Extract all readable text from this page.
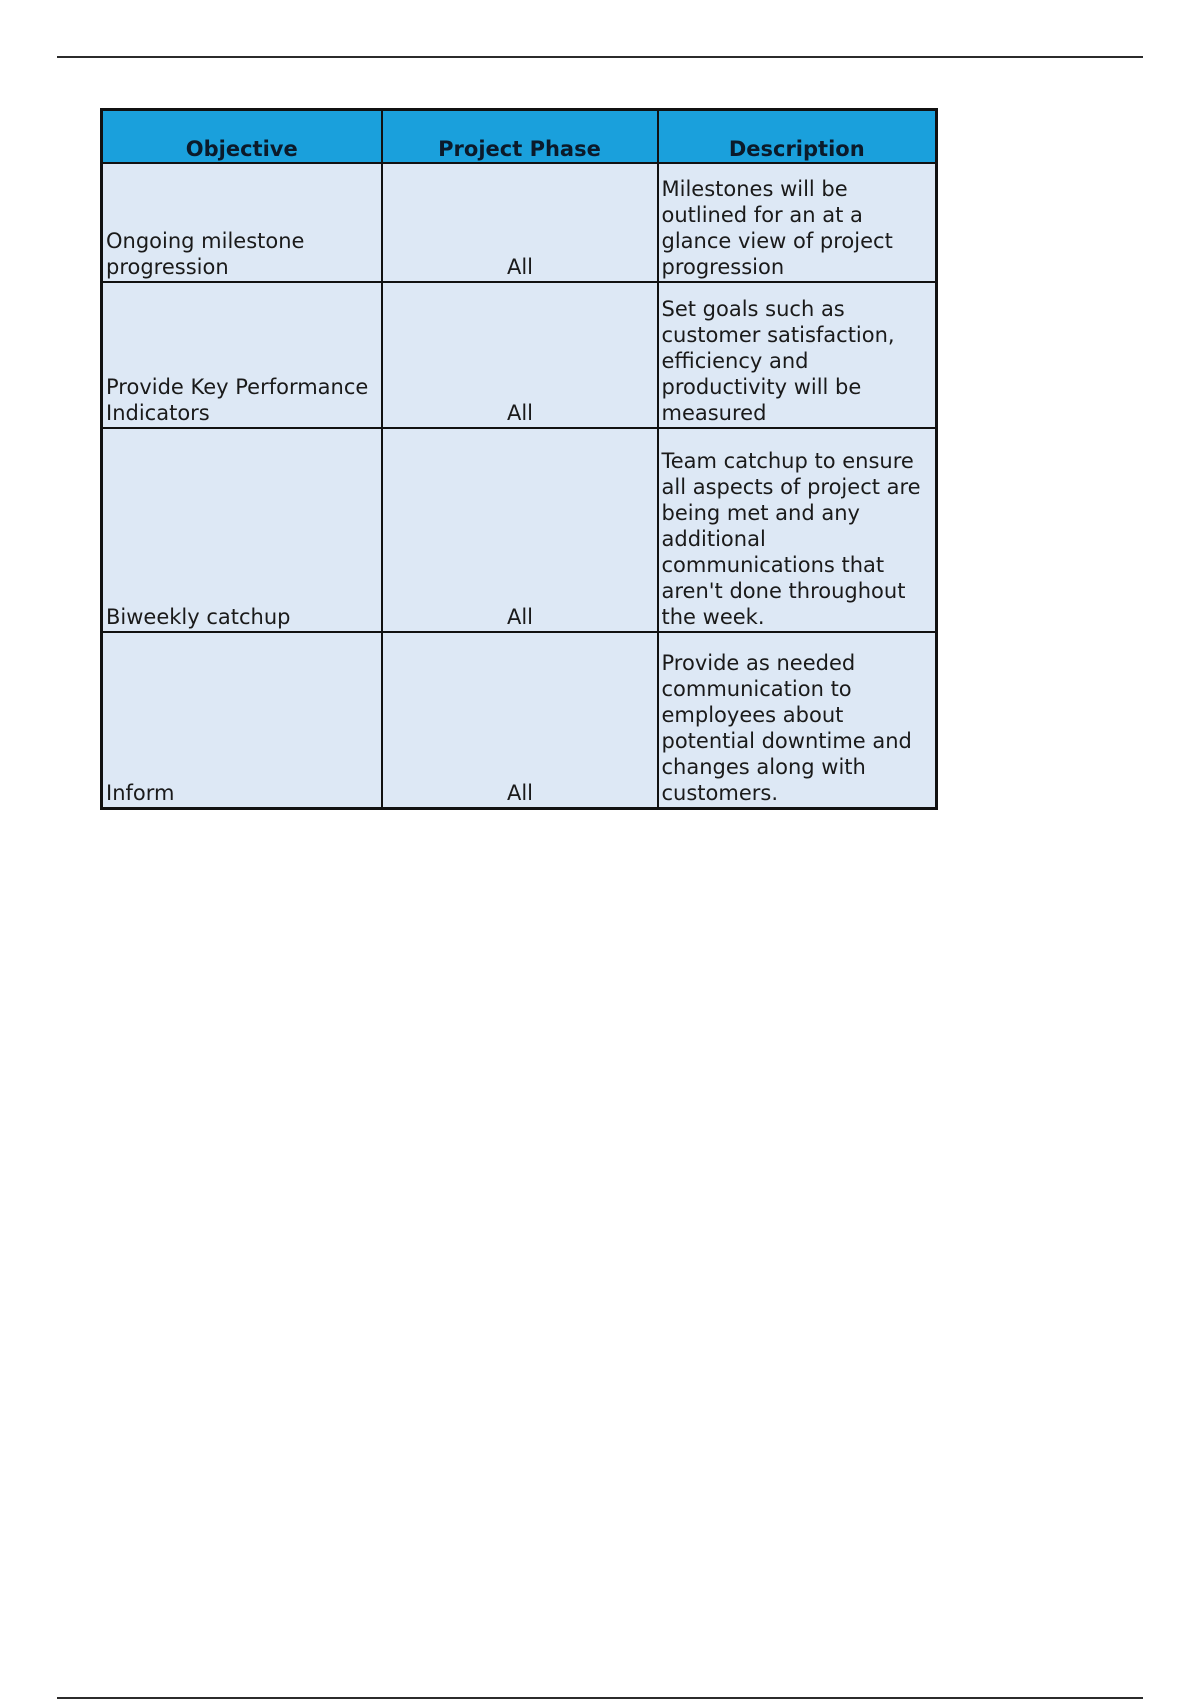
Objective	Project Phase	Description
Ongoing milestone progression	All	Milestones will be outlined for an at a glance view of project progression
Provide Key Performance Indicators	All	Set goals such as customer satisfaction, efficiency and productivity will be measured
Biweekly catchup	All	Team catchup to ensure all aspects of project are being met and any additional communications that aren't done throughout the week.
Inform	All	Provide as needed communication to employees about potential downtime and changes along with customers.
